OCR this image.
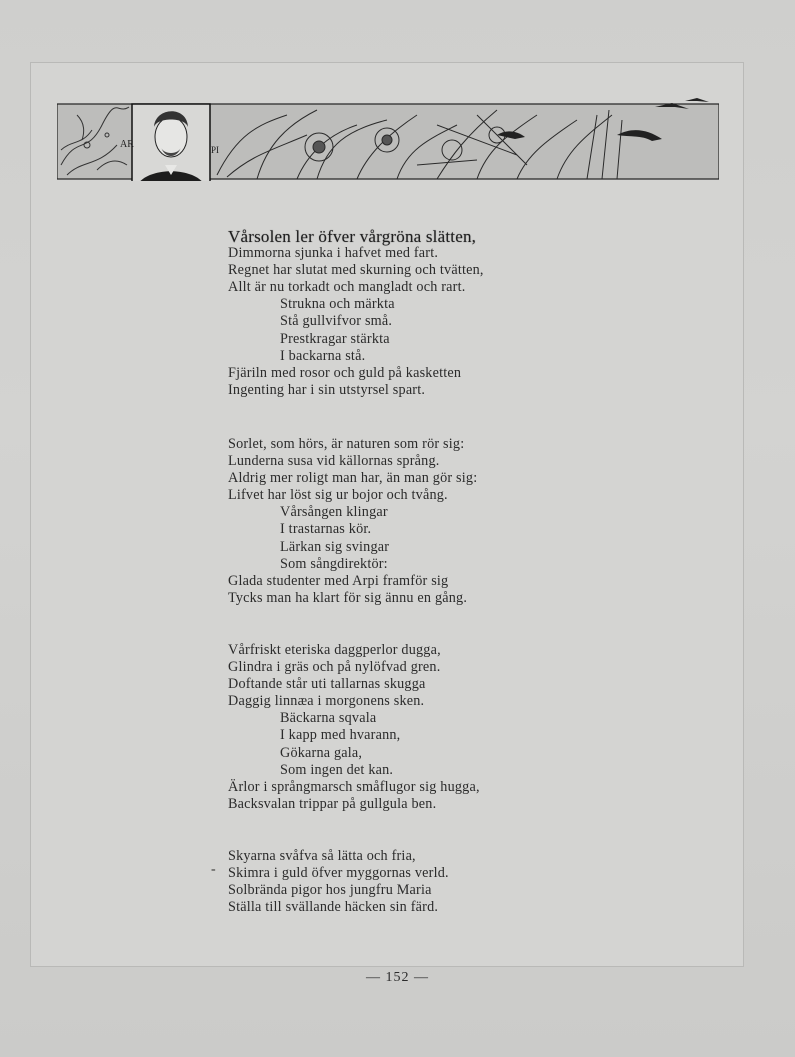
AR	PI
Vårsolen ler öfver vårgröna slätten,
Dimmorna sjunka i hafvet med fart.
Regnet har slutat med skurning och tvätten,
Allt är nu torkadt och mangladt och rart.
Strukna och märkta
Stå gullvifvor små.
Prestkragar stärkta
I backarna stå.
Fjäriln med rosor och guld på kasketten
Ingenting har i sin utstyrsel spart.
Sorlet, som hörs, är naturen som rör sig:
Lunderna susa vid källornas språng.
Aldrig mer roligt man har, än man gör sig:
Lifvet har löst sig ur bojor och tvång.
Vårsången klingar
I trastarnas kör.
Lärkan sig svingar
Som sångdirektör:
Glada studenter med Arpi framför sig
Tycks man ha klart för sig ännu en gång.
Vårfriskt eteriska daggperlor dugga,
Glindra i gräs och på nylöfvad gren.
Doftande står uti tallarnas skugga
Daggig linnæa i morgonens sken.
Bäckarna sqvala
I kapp med hvarann,
Gökarna gala,
Som ingen det kan.
Ärlor i språngmarsch småflugor sig hugga,
Backsvalan trippar på gullgula ben.
-
Skyarna svåfva så lätta och fria,
Skimra i guld öfver myggornas verld.
Solbrända pigor hos jungfru Maria
Ställa till svällande häcken sin färd.
— 152 —
